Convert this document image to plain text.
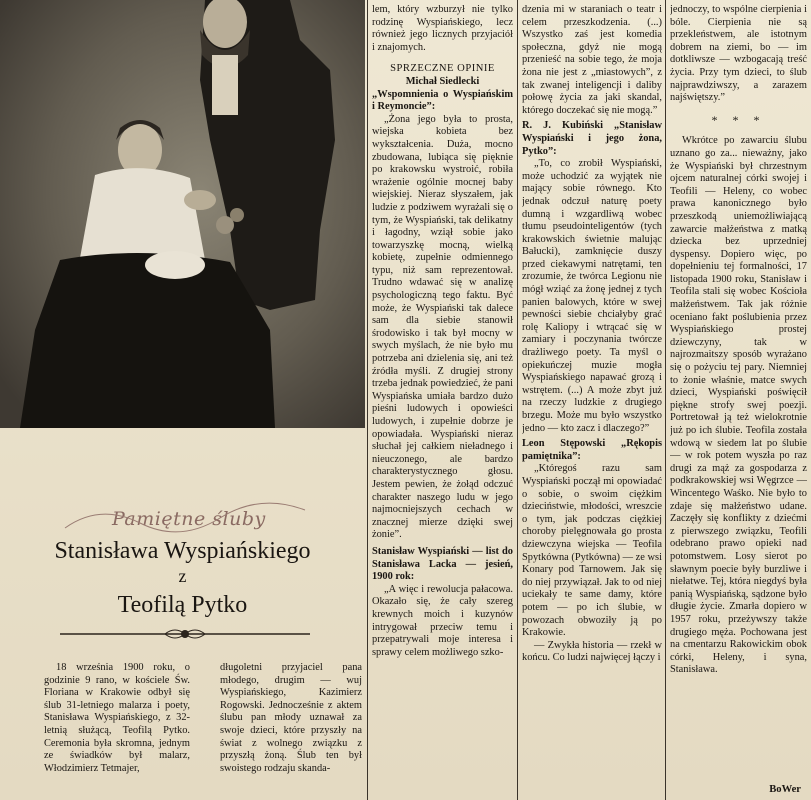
Pamiętne śluby
Stanisława Wyspiańskiego
z
Teofilą Pytko

18 września 1900 roku, o godzinie 9 rano, w kościele Św. Floriana w Krakowie odbył się ślub 31-letniego malarza i poety, Stanisława Wyspiańskiego, z 32-letnią służącą, Teofilą Pytko. Ceremonia była skromna, jednym ze świadków był malarz, Włodzimierz Tetmajer,

długoletni przyjaciel pana młodego, drugim — wuj Wyspiańskiego, Kazimierz Rogowski. Jednocześnie z aktem ślubu pan młody uznawał za swoje dzieci, które przyszły na świat z wolnego związku z przyszłą żoną. Ślub ten był swoistego rodzaju skanda-

lem, który wzburzył nie tylko rodzinę Wyspiańskiego, lecz również jego licznych przyjaciół i znajomych.

SPRZECZNE OPINIE

Michał Siedlecki

„Wspomnienia o Wyspiańskim i Reymoncie”:

„Żona jego była to prosta, wiejska kobieta bez wykształcenia. Duża, mocno zbudowana, lubiąca się pięknie po krakowsku wystroić, robiła wrażenie ogólnie mocnej baby wiejskiej. Nieraz słyszałem, jak ludzie z podziwem wyrażali się o tym, że Wyspiański, tak delikatny i łagodny, wziął sobie jako towarzyszkę mocną, wielką kobietę, zupełnie odmiennego typu, niż sam reprezentował. Trudno wdawać się w analizę psychologiczną tego faktu. Być może, że Wyspiański tak dalece sam dla siebie stanowił środowisko i tak był mocny w swych myślach, że nie było mu potrzeba ani dzielenia się, ani też źródła myśli. Z drugiej strony trzeba jednak powiedzieć, że pani Wyspiańska umiała bardzo dużo pieśni ludowych i opowieści ludowych, i zupełnie dobrze je opowiadała. Wyspiański nieraz słuchał jej całkiem nieładnego i nieuczonego, ale bardzo charakterystycznego głosu. Jestem pewien, że żołąd odczuć charakter naszego ludu w jego najmocniejszych cechach w znacznej mierze dzięki swej żonie”.

Stanisław Wyspiański — list do Stanisława Lacka — jesień, 1900 rok:

„A więc i rewolucja pałacowa. Okazało się, że cały szereg krewnych moich i kuzynów intrygował przeciw temu i przepatrywali moje interesa i sprawy celem możliwego szko-

dzenia mi w staraniach o teatr i celem przeszkodzenia. (...) Wszystko zaś jest komedia społeczna, gdyż nie mogą przenieść na sobie tego, że moja żona nie jest z „miastowych”, z tak zwanej inteligencji i daliby połowę życia za jaki skandal, którego doczekać się nie mogą.”

R. J. Kubiński „Stanisław Wyspiański i jego żona, Pytko”:

„To, co zrobił Wyspiański, może uchodzić za wyjątek nie mający sobie równego. Kto jednak odczuł naturę poety dumną i wzgardliwą wobec tłumu pseudointeligentów (tych krakowskich świetnie malując Bałucki), zamknięcie duszy przed ciekawymi natrętami, ten zrozumie, że twórca Legionu nie mógł wziąć za żonę jednej z tych panien balowych, które w swej pewności siebie chciałyby grać rolę Kaliopy i wtrącać się w zamiary i poczynania twórcze drażliwego poety. Ta myśl o opiekuńczej muzie mogła Wyspiańskiego napawać grozą i wstrętem. (...) A może zbyt już na rzeczy ludzkie z drugiego brzegu. Może mu było wszystko jedno — kto zacz i dlaczego?”

Leon Stępowski „Rękopis pamiętnika”:

„Któregoś razu sam Wyspiański począł mi opowiadać o sobie, o swoim ciężkim dzieciństwie, młodości, wreszcie o tym, jak podczas ciężkiej choroby pielęgnowała go prosta dziewczyna wiejska — Teofila Spytkówna (Pytkówna) — ze wsi Konary pod Tarnowem. Jak się do niej przywiązał. Jak to od niej uciekały te same damy, które potem — po ich ślubie, w powozach obwoziły ją po Krakowie.

— Zwykła historia — rzekł w końcu. Co ludzi najwięcej łączy i

jednoczy, to wspólne cierpienia i bóle. Cierpienia nie są przekleństwem, ale istotnym dobrem na ziemi, bo — im dotkliwsze — wzbogacają treść życia. Przy tym dzieci, to ślub najprawdziwszy, a zarazem najświętszy.”

* * *

Wkrótce po zawarciu ślubu uznano go za... nieważny, jako że Wyspiański był chrzestnym ojcem naturalnej córki swojej i Teofili — Heleny, co wobec prawa kanonicznego było przeszkodą uniemożliwiającą zawarcie małżeństwa z matką dziecka bez uprzedniej dyspensy. Dopiero więc, po dopełnieniu tej formalności, 17 listopada 1900 roku, Stanisław i Teofila stali się wobec Kościoła małżeństwem. Tak jak różnie oceniano fakt poślubienia przez Wyspiańskiego prostej dziewczyny, tak w najrozmaitszy sposób wyrażano się o pożyciu tej pary. Niemniej to żonie właśnie, matce swych dzieci, Wyspiański poświęcił piękne strofy swej poezji. Portretował ją też wielokrotnie już po ich ślubie. Teofila została wdową w siedem lat po ślubie — w rok potem wyszła po raz drugi za mąż za gospodarza z podkrakowskiej wsi Węgrzce — Wincentego Waśko. Nie było to zdaje się małżeństwo udane. Zaczęły się konflikty z dziećmi z pierwszego związku, Teofili odebrano prawo opieki nad potomstwem. Losy sierot po sławnym poecie były burzliwe i niełatwe. Tej, która niegdyś była panią Wyspiańską, sądzone było długie życie. Zmarła dopiero w 1957 roku, przeżywszy także drugiego męża. Pochowana jest na cmentarzu Rakowickim obok córki, Heleny, i syna, Stanisława.

BoWer
